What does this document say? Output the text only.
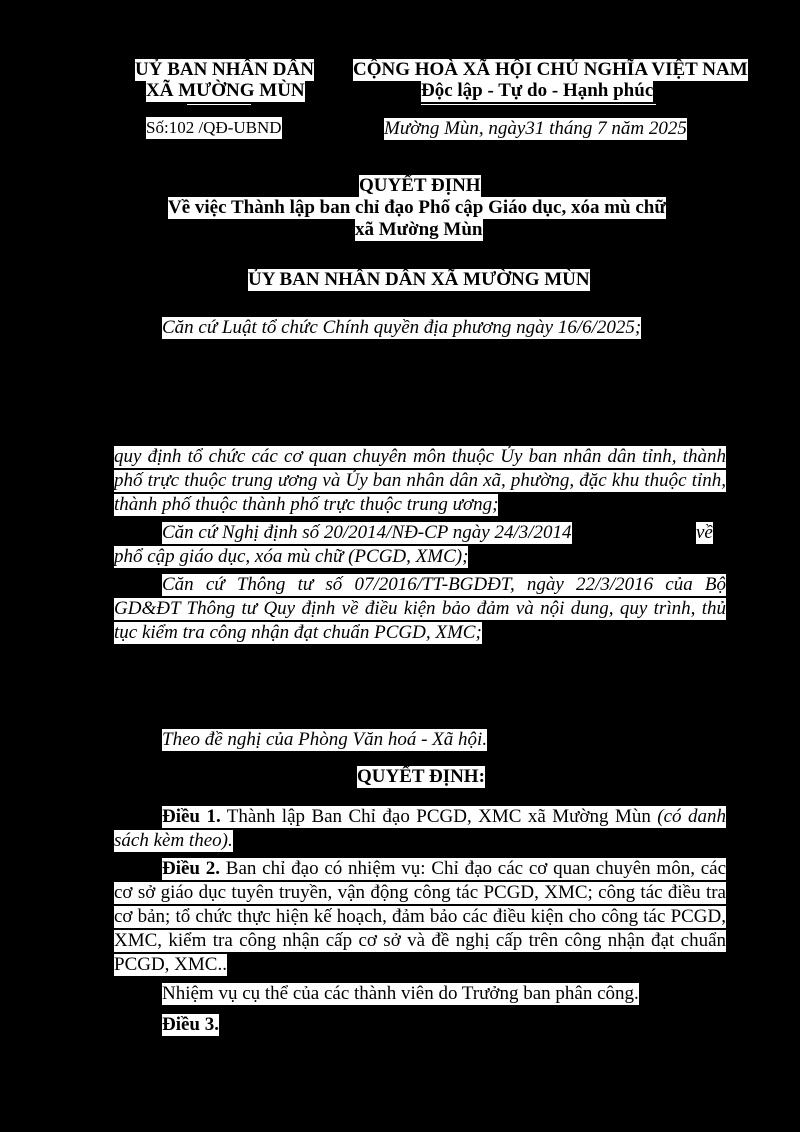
UỶ BAN NHÂN DÂN
XÃ MƯỜNG MÙN
Số:102 /QĐ-UBND
CỘNG HOÀ XÃ HỘI CHỦ NGHĨA VIỆT NAM
Độc lập - Tự do - Hạnh phúc
Mường Mùn, ngày31 tháng 7 năm 2025
QUYẾT ĐỊNH
Về việc Thành lập ban chỉ đạo Phổ cập Giáo dục, xóa mù chữ
xã Mường Mùn
ỦY BAN NHÂN DÂN XÃ MƯỜNG MÙN
Căn cứ Luật tổ chức Chính quyền địa phương ngày 16/6/2025;
quy định tổ chức các cơ quan chuyên môn thuộc Ủy ban nhân dân tỉnh, thành
phố trực thuộc trung ương và Ủy ban nhân dân xã, phường, đặc khu thuộc tỉnh,
thành phố thuộc thành phố trực thuộc trung ương;
Căn cứ Nghị định số 20/2014/NĐ-CP ngày 24/3/2014	về
phổ cập giáo dục, xóa mù chữ (PCGD, XMC);
Căn cứ Thông tư số 07/2016/TT-BGDĐT, ngày 22/3/2016 của Bộ
GD&ĐT Thông tư Quy định về điều kiện bảo đảm và nội dung, quy trình, thủ
tục kiểm tra công nhận đạt chuẩn PCGD, XMC;
Theo đề nghị của Phòng Văn hoá - Xã hội.
QUYẾT ĐỊNH:
Điều 1. Thành lập Ban Chỉ đạo PCGD, XMC xã Mường Mùn (có danh
sách kèm theo).
Điều 2. Ban chỉ đạo có nhiệm vụ: Chỉ đạo các cơ quan chuyên môn, các
cơ sở giáo dục tuyên truyền, vận động công tác PCGD, XMC; công tác điều tra
cơ bản; tổ chức thực hiện kế hoạch, đảm bảo các điều kiện cho công tác PCGD,
XMC, kiểm tra công nhận cấp cơ sở và đề nghị cấp trên công nhận đạt chuẩn
PCGD, XMC..
Nhiệm vụ cụ thể của các thành viên do Trưởng ban phân công.
Điều 3.
